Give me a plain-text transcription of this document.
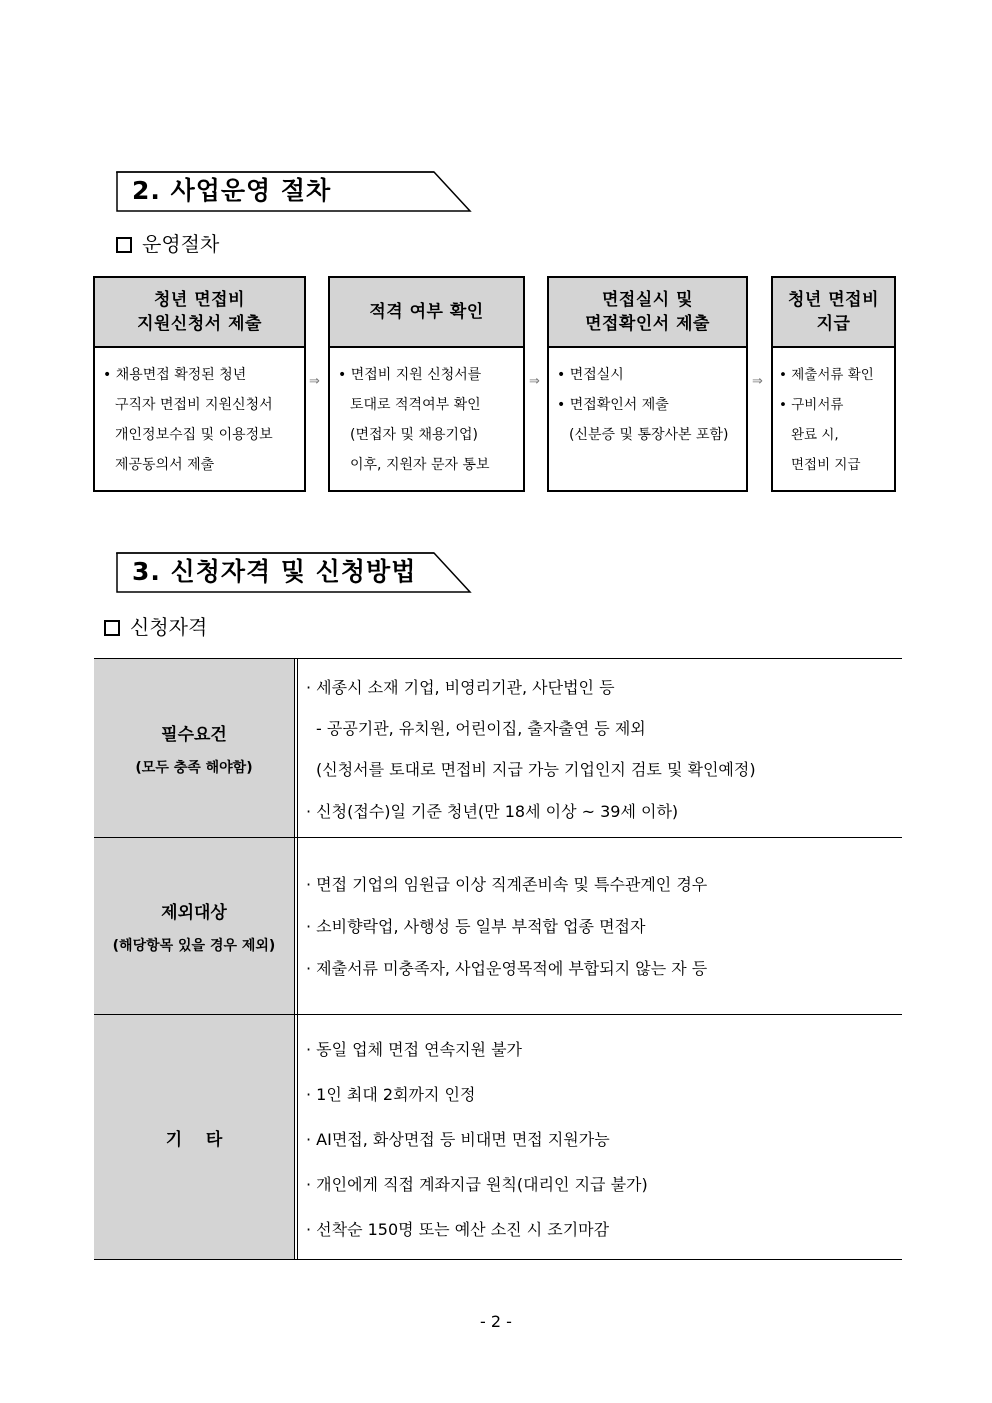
2. 사업운영 절차
운영절차
청년 면접비
지원신청서 제출
• 채용면접 확정된 청년
구직자 면접비 지원신청서
개인정보수집 및 이용정보
제공동의서 제출
⇒
적격 여부 확인
• 면접비 지원 신청서를
토대로 적격여부 확인
(면접자 및 채용기업)
이후, 지원자 문자 통보
⇒
면접실시 및
면접확인서 제출
• 면접실시
• 면접확인서 제출
(신분증 및 통장사본 포함)
⇒
청년 면접비
지급
• 제출서류 확인
• 구비서류
완료 시,
면접비 지급
3. 신청자격 및 신청방법
신청자격
필수요건
(모두 충족 해야함)
· 세종시 소재 기업, 비영리기관, 사단법인 등
- 공공기관, 유치원, 어린이집, 출자출연 등 제외
(신청서를 토대로 면접비 지급 가능 기업인지 검토 및 확인예정)
· 신청(접수)일 기준 청년(만 18세 이상 ~ 39세 이하)
제외대상
(해당항목 있을 경우 제외)
· 면접 기업의 임원급 이상 직계존비속 및 특수관계인 경우
· 소비향락업, 사행성 등 일부 부적합 업종 면접자
· 제출서류 미충족자, 사업운영목적에 부합되지 않는 자 등
기    타
· 동일 업체 면접 연속지원 불가
· 1인 최대 2회까지 인정
· AI면접, 화상면접 등 비대면 면접 지원가능
· 개인에게 직접 계좌지급 원칙(대리인 지급 불가)
· 선착순 150명 또는 예산 소진 시 조기마감
- 2 -
